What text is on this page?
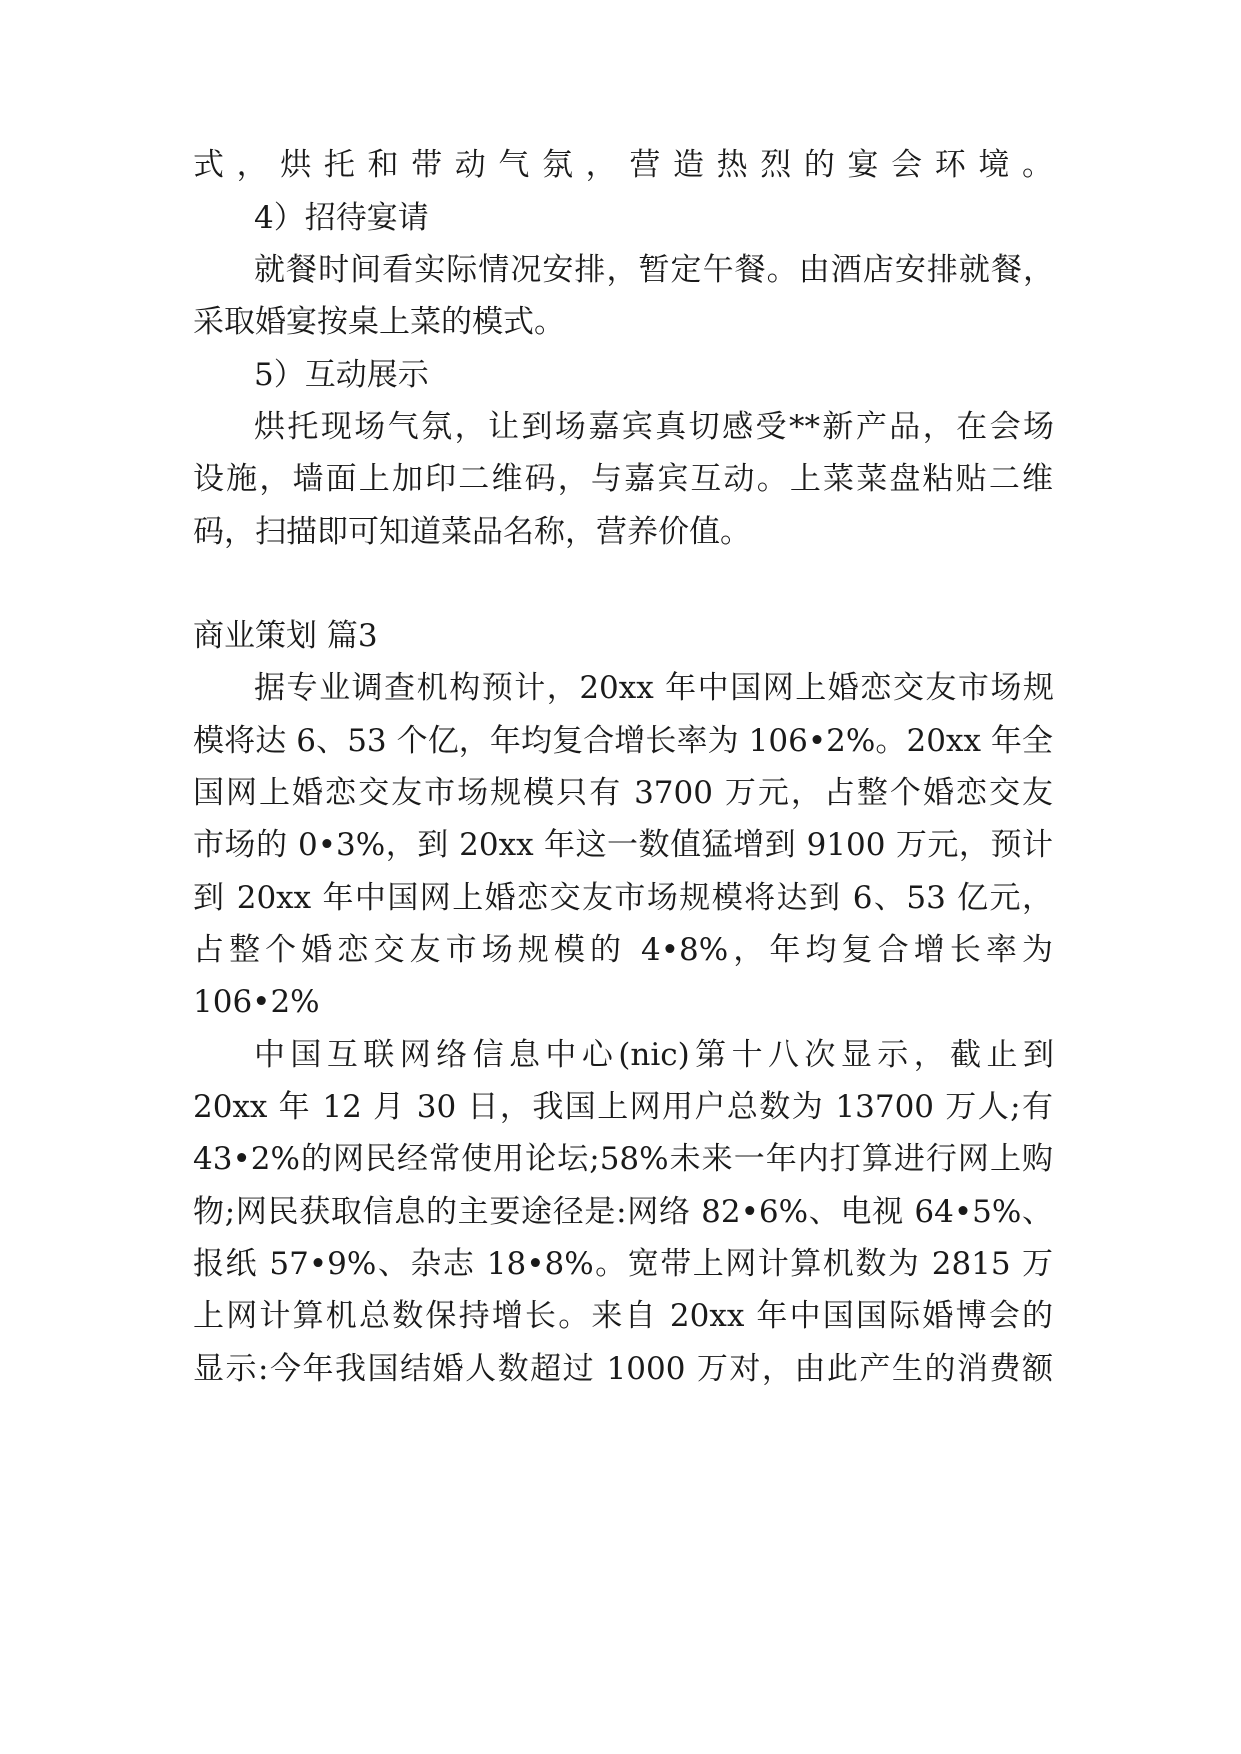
式，烘托和带动气氛，营造热烈的宴会环境。
4）招待宴请
就餐时间看实际情况安排，暂定午餐。由酒店安排就餐，
采取婚宴按桌上菜的模式。
5）互动展示
烘托现场气氛，让到场嘉宾真切感受**新产品，在会场
设施，墙面上加印二维码，与嘉宾互动。上菜菜盘粘贴二维
码，扫描即可知道菜品名称，营养价值。
商业策划 篇3
据专业调查机构预计，20xx 年中国网上婚恋交友市场规
模将达 6、53 个亿，年均复合增长率为 106•2%。20xx 年全
国网上婚恋交友市场规模只有 3700 万元，占整个婚恋交友
市场的 0•3%，到 20xx 年这一数值猛增到 9100 万元，预计
到 20xx 年中国网上婚恋交友市场规模将达到 6、53 亿元，
占整个婚恋交友市场规模的 4•8%，年均复合增长率为
106•2%
中国互联网络信息中心(nic)第十八次显示，截止到
20xx 年 12 月 30 日，我国上网用户总数为 13700 万人;有
43•2%的网民经常使用论坛;58%未来一年内打算进行网上购
物;网民获取信息的主要途径是:网络 82•6%、电视 64•5%、
报纸 57•9%、杂志 18•8%。宽带上网计算机数为 2815 万
上网计算机总数保持增长。来自 20xx 年中国国际婚博会的
显示:今年我国结婚人数超过 1000 万对，由此产生的消费额
